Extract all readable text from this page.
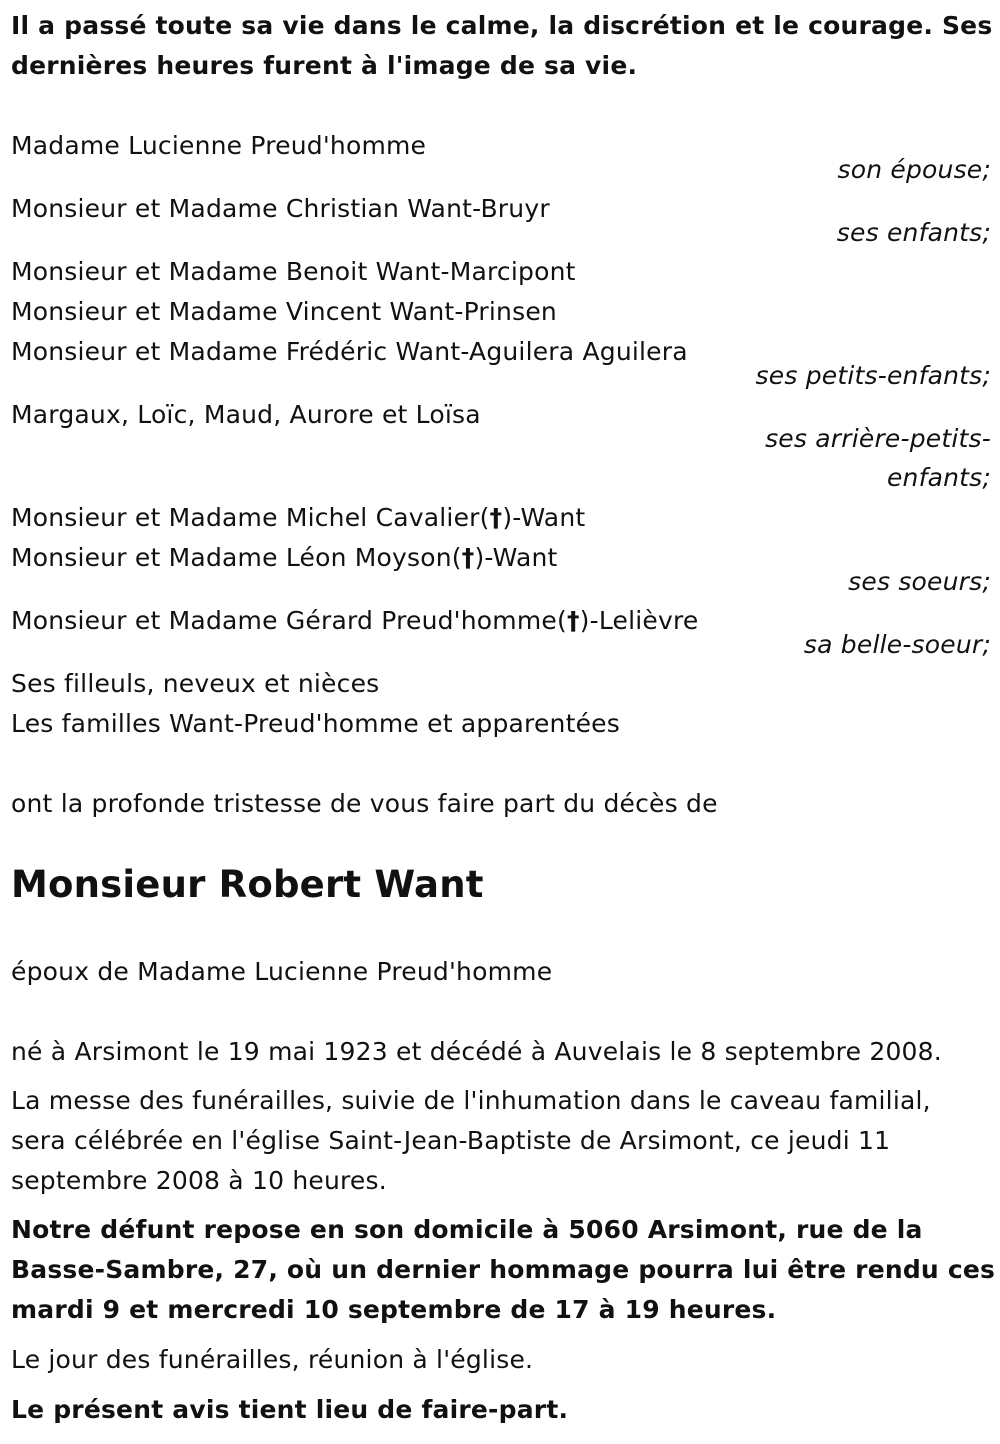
Il a passé toute sa vie dans le calme, la discrétion et le courage. Ses
dernières heures furent à l'image de sa vie.
Madame Lucienne Preud'homme
son épouse;
Monsieur et Madame Christian Want-Bruyr
ses enfants;
Monsieur et Madame Benoit Want-Marcipont
Monsieur et Madame Vincent Want-Prinsen
Monsieur et Madame Frédéric Want-Aguilera Aguilera
ses petits-enfants;
Margaux, Loïc, Maud, Aurore et Loïsa
ses arrière-petits-
enfants;
Monsieur et Madame Michel Cavalier(†)-Want
Monsieur et Madame Léon Moyson(†)-Want
ses soeurs;
Monsieur et Madame Gérard Preud'homme(†)-Lelièvre
sa belle-soeur;
Ses filleuls, neveux et nièces
Les familles Want-Preud'homme et apparentées
ont la profonde tristesse de vous faire part du décès de
Monsieur Robert Want
époux de Madame Lucienne Preud'homme
né à Arsimont le 19 mai 1923 et décédé à Auvelais le 8 septembre 2008.
La messe des funérailles, suivie de l'inhumation dans le caveau familial,
sera célébrée en l'église Saint-Jean-Baptiste de Arsimont, ce jeudi 11
septembre 2008 à 10 heures.
Notre défunt repose en son domicile à 5060 Arsimont, rue de la
Basse-Sambre, 27, où un dernier hommage pourra lui être rendu ces
mardi 9 et mercredi 10 septembre de 17 à 19 heures.
Le jour des funérailles, réunion à l'église.
Le présent avis tient lieu de faire-part.
